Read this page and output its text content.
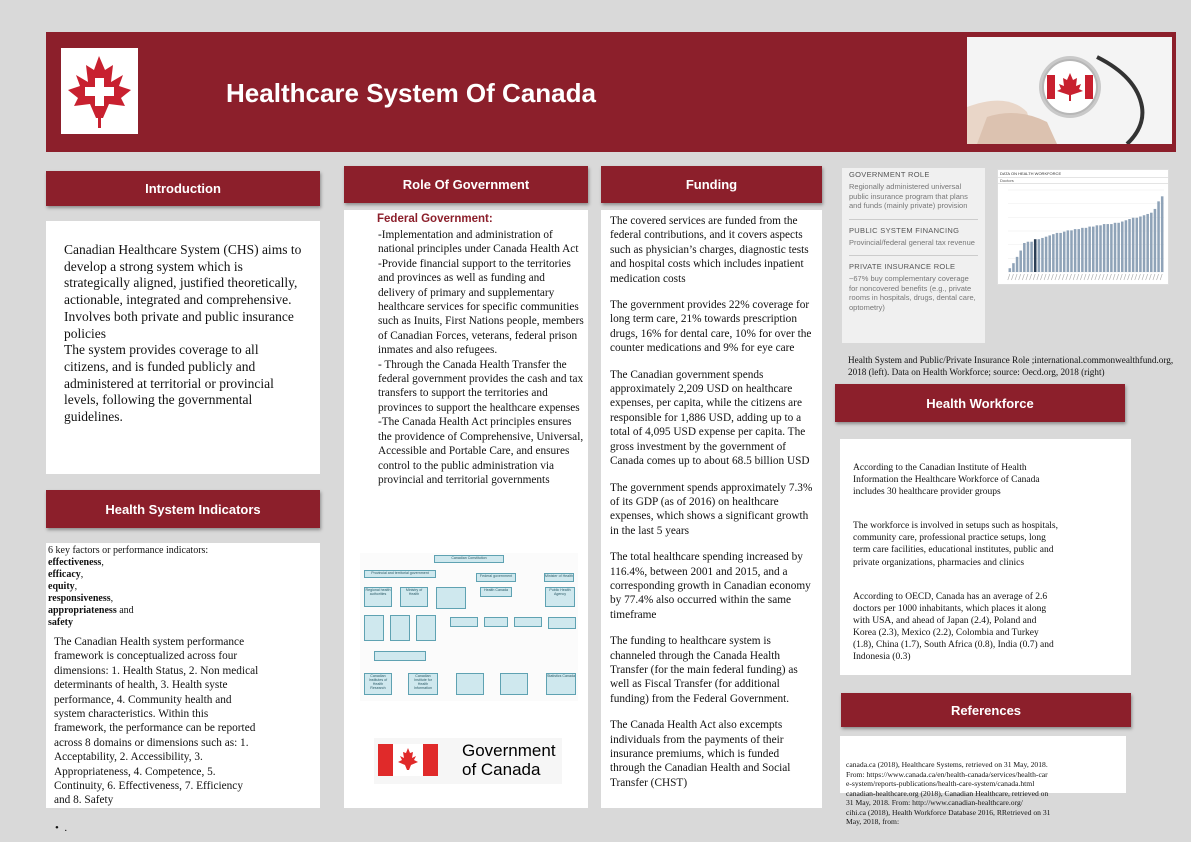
Healthcare System Of Canada
Introduction
Canadian Healthcare System (CHS) aims to develop a strong system which is strategically aligned, justified theoretically, actionable, integrated and comprehensive.
Involves both private and public insurance policies
The system provides coverage to all citizens, and is funded publicly and administered at territorial or provincial levels, following the governmental guidelines.
Health System Indicators
6 key factors or performance indicators:
effectiveness,
efficacy,
equity,
responsiveness,
appropriateness and
safety
The Canadian Health system performance framework is conceptualized across four dimensions: 1. Health Status, 2. Non medical determinants of health, 3. Health syste performance, 4. Community health and system characteristics. Within this framework, the performance can be reported across 8 domains or dimensions such as: 1. Acceptability, 2. Accessibility, 3. Appropriateness, 4. Competence, 5. Continuity, 6. Effectiveness, 7. Efficiency and 8. Safety
•  .
Role Of Government
Federal Government:
-Implementation and administration of national principles under Canada Health Act
-Provide financial support to the territories and provinces as well as funding and delivery of primary and supplementary healthcare services for specific communities such as Inuits, First Nations people, members of Canadian Forces, veterans, federal prison inmates and also refugees.
- Through the Canada Health Transfer the federal government provides the cash and tax transfers to support the territories and provinces to support the healthcare expenses
-The Canada Health Act principles ensures the providence of Comprehensive, Universal, Accessible and Portable Care, and ensures control to the public administration via provincial and territorial governments
Canadian Constitution
Provincial and territorial government
Federal government	Minister of Health
Regional health authorities
Ministry of Health
Health Canada	Public Health Agency
Canadian Institutes of Health Research
Canadian Institute for Health Information
Statistics Canada
Government
of Canada
Funding
The covered services are funded from the federal contributions, and it covers aspects such as physician’s charges, diagnostic tests and hospital costs which includes inpatient medication costs
The government provides 22% coverage for long term care, 21% towards prescription drugs, 16% for dental care, 10% for over the counter medications and 9% for eye care
The Canadian government spends approximately 2,209 USD on healthcare expenses, per capita, while the citizens are responsible for 1,886 USD, adding up to a total of 4,095 USD expense per capita. The gross investment by the government of Canada comes up to about 68.5 billion USD
The government spends approximately 7.3% of its GDP (as of 2016) on healthcare expenses, which shows a significant growth in the last 5 years
The total healthcare spending increased by 116.4%, between 2001 and 2015, and a corresponding growth in Canadian economy by 77.4% also occurred within the same timeframe
The funding to healthcare system is channeled through the Canada Health Transfer (for the main federal funding) as well as Fiscal Transfer (for additional funding) from the Federal Government.
The Canada Health Act also excempts individuals from the payments of their insurance premiums, which is funded through the Canadian Health and Social Transfer (CHST)
GOVERNMENT ROLE
Regionally administered universal public insurance program that plans and funds (mainly private) provision
PUBLIC SYSTEM FINANCING
Provincial/federal general tax revenue
PRIVATE INSURANCE ROLE
~67% buy complementary coverage for noncovered benefits (e.g., private rooms in hospitals, drugs, dental care, optometry)
DATA ON HEALTH WORKFORCE
Doctors
Health System and Public/Private Insurance Role ;international.commonwealthfund.org, 2018 (left). Data on Health Workforce; source: Oecd.org, 2018 (right)
Health Workforce
According to the Canadian Institute of Health Information the Healthcare Workforce of Canada includes 30 healthcare provider groups
The workforce is involved in setups such as hospitals, community care, professional practice setups, long term care facilities, educational institutes, public and private organizations, pharmacies and clinics
According to OECD, Canada has an average of 2.6 doctors per 1000 inhabitants, which places it along with USA, and ahead of Japan (2.4), Poland and Korea (2.3), Mexico (2.2), Colombia and Turkey (1.8), China (1.7), South Africa (0.8), India (0.7) and Indonesia (0.3)
References
canada.ca (2018), Healthcare Systems, retrieved on 31 May, 2018. From: https://www.canada.ca/en/health-canada/services/health-care-system/reports-publications/health-care-system/canada.html
canadian-healthcare.org (2018), Canadian Healthcare, retrieved on 31 May, 2018. From: http://www.canadian-healthcare.org/
cihi.ca (2018), Health Workforce Database 2016, RRetrieved on 31 May, 2018, from:
